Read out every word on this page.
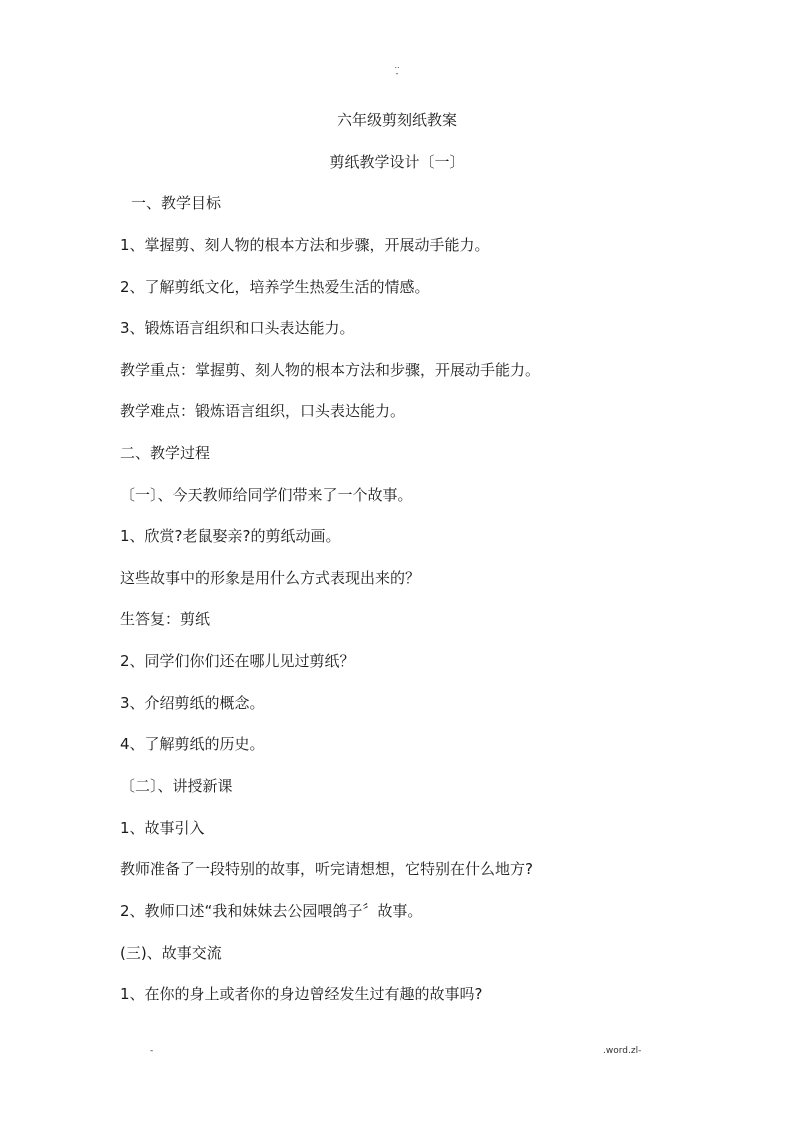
..
-
六年级剪刻纸教案
剪纸教学设计〔一〕
一、教学目标
1、掌握剪、刻人物的根本方法和步骤，开展动手能力。
2、了解剪纸文化，培养学生热爱生活的情感。
3、锻炼语言组织和口头表达能力。
教学重点：掌握剪、刻人物的根本方法和步骤，开展动手能力。
教学难点：锻炼语言组织，口头表达能力。
二、教学过程
〔一〕、今天教师给同学们带来了一个故事。
1、欣赏?老鼠娶亲?的剪纸动画。
这些故事中的形象是用什么方式表现出来的？
生答复：剪纸
2、同学们你们还在哪儿见过剪纸？
3、介绍剪纸的概念。
4、了解剪纸的历史。
〔二〕、讲授新课
1、故事引入
教师准备了一段特别的故事，听完请想想，它特别在什么地方?
2、教师口述“我和妹妹去公园喂鸽子〞故事。
(三)、故事交流
1、在你的身上或者你的身边曾经发生过有趣的故事吗?
-	.word.zl-
